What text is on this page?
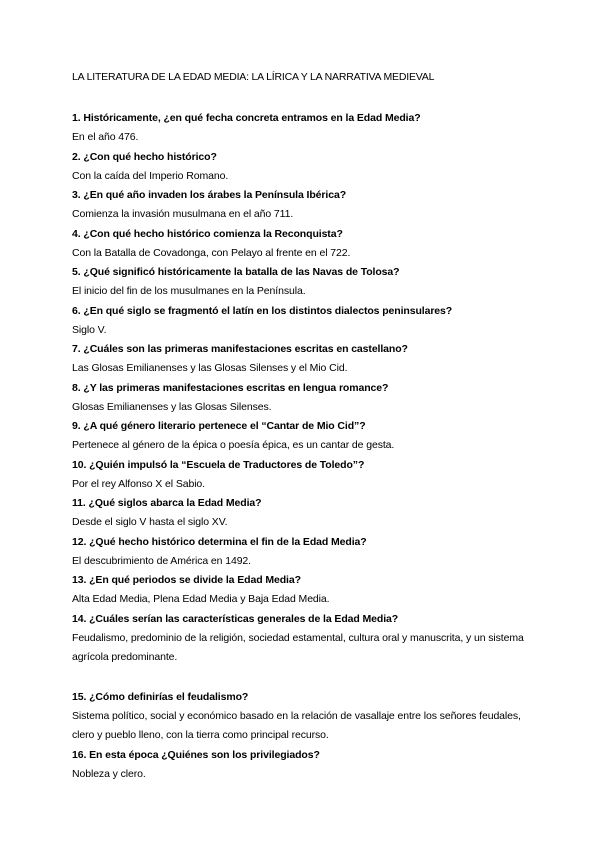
LA LITERATURA DE LA EDAD MEDIA: LA LÍRICA Y LA NARRATIVA MEDIEVAL
1. Históricamente, ¿en qué fecha concreta entramos en la Edad Media?
En el año 476.
2. ¿Con qué hecho histórico?
Con la caída del Imperio Romano.
3. ¿En qué año invaden los árabes la Península Ibérica?
Comienza la invasión musulmana en el año 711.
4. ¿Con qué hecho histórico comienza la Reconquista?
Con la Batalla de Covadonga, con Pelayo al frente en el 722.
5. ¿Qué significó históricamente la batalla de las Navas de Tolosa?
El inicio del fin de los musulmanes en la Península.
6. ¿En qué siglo se fragmentó el latín en los distintos dialectos peninsulares?
Siglo V.
7. ¿Cuáles son las primeras manifestaciones escritas en castellano?
Las Glosas Emilianenses y las Glosas Silenses y el Mio Cid.
8. ¿Y las primeras manifestaciones escritas en lengua romance?
Glosas Emilianenses y las Glosas Silenses.
9. ¿A qué género literario pertenece el “Cantar de Mio Cid”?
Pertenece al género de la épica o poesía épica, es un cantar de gesta.
10. ¿Quién impulsó la “Escuela de Traductores de Toledo”?
Por el rey Alfonso X el Sabio.
11. ¿Qué siglos abarca la Edad Media?
Desde el siglo V hasta el siglo XV.
12. ¿Qué hecho histórico determina el fin de la Edad Media?
El descubrimiento de América en 1492.
13. ¿En qué periodos se divide la Edad Media?
Alta Edad Media, Plena Edad Media y Baja Edad Media.
14. ¿Cuáles serían las características generales de la Edad Media?
Feudalismo, predominio de la religión, sociedad estamental, cultura oral y manuscrita, y un sistema agrícola predominante.
15. ¿Cómo definirías el feudalismo?
Sistema político, social y económico basado en la relación de vasallaje entre los señores feudales, clero y pueblo lleno, con la tierra como principal recurso.
16. En esta época ¿Quiénes son los privilegiados?
Nobleza y clero.
